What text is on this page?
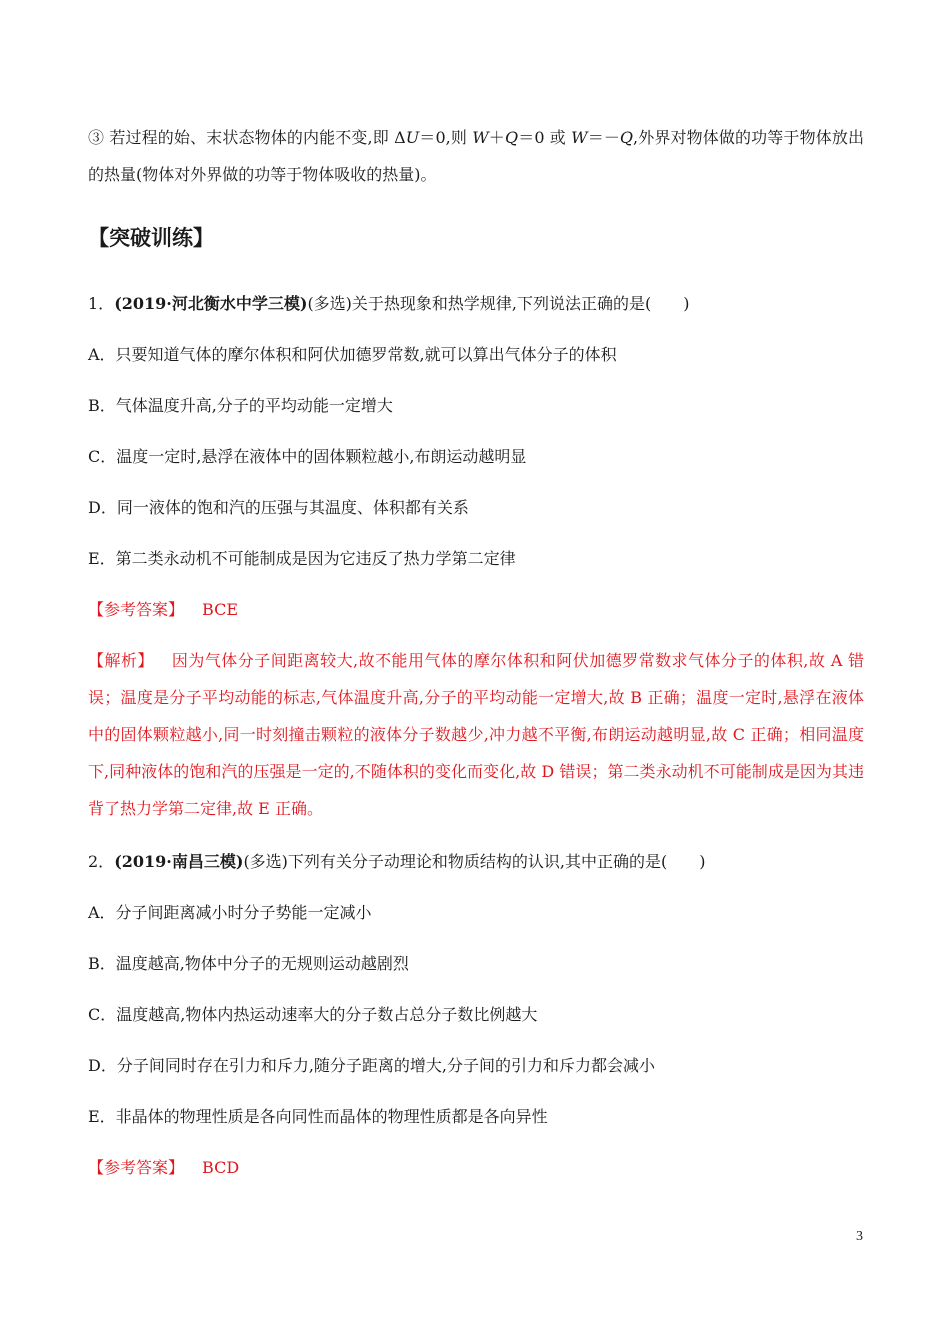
③ 若过程的始、末状态物体的内能不变,即 ΔU＝0,则 W＋Q＝0 或 W＝－Q,外界对物体做的功等于物体放出的热量(物体对外界做的功等于物体吸收的热量)。
【突破训练】
1．(2019·河北衡水中学三模)(多选)关于热现象和热学规律,下列说法正确的是(　　)
A．只要知道气体的摩尔体积和阿伏加德罗常数,就可以算出气体分子的体积
B．气体温度升高,分子的平均动能一定增大
C．温度一定时,悬浮在液体中的固体颗粒越小,布朗运动越明显
D．同一液体的饱和汽的压强与其温度、体积都有关系
E．第二类永动机不可能制成是因为它违反了热力学第二定律
【参考答案】 BCE
【解析】 因为气体分子间距离较大,故不能用气体的摩尔体积和阿伏加德罗常数求气体分子的体积,故 A 错误；温度是分子平均动能的标志,气体温度升高,分子的平均动能一定增大,故 B 正确；温度一定时,悬浮在液体中的固体颗粒越小,同一时刻撞击颗粒的液体分子数越少,冲力越不平衡,布朗运动越明显,故 C 正确；相同温度下,同种液体的饱和汽的压强是一定的,不随体积的变化而变化,故 D 错误；第二类永动机不可能制成是因为其违背了热力学第二定律,故 E 正确。
2．(2019·南昌三模)(多选)下列有关分子动理论和物质结构的认识,其中正确的是(　　)
A．分子间距离减小时分子势能一定减小
B．温度越高,物体中分子的无规则运动越剧烈
C．温度越高,物体内热运动速率大的分子数占总分子数比例越大
D．分子间同时存在引力和斥力,随分子距离的增大,分子间的引力和斥力都会减小
E．非晶体的物理性质是各向同性而晶体的物理性质都是各向异性
【参考答案】 BCD
3
